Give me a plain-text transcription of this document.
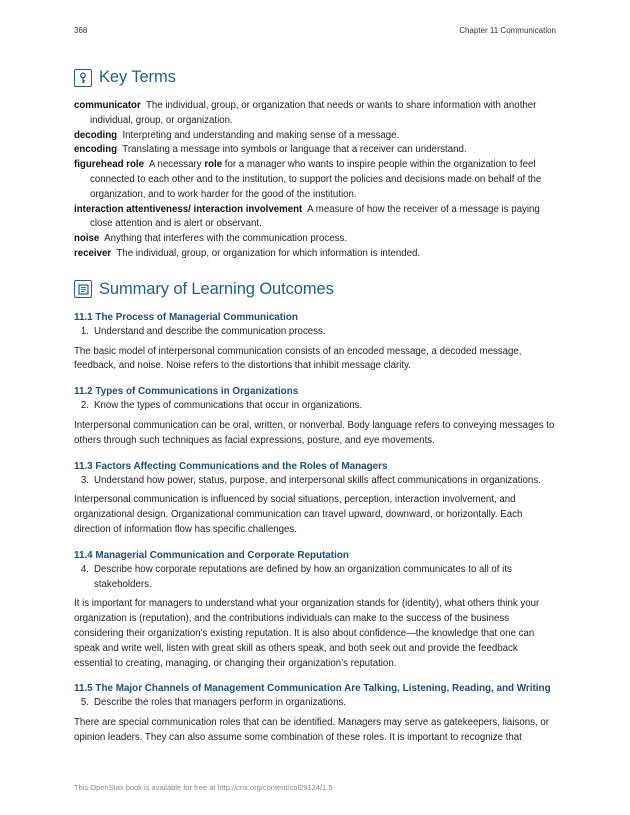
368	Chapter 11 Communication
Key Terms

communicator The individual, group, or organization that needs or wants to share information with another individual, group, or organization.

decoding Interpreting and understanding and making sense of a message.

encoding Translating a message into symbols or language that a receiver can understand.

figurehead role A necessary role for a manager who wants to inspire people within the organization to feel connected to each other and to the institution, to support the policies and decisions made on behalf of the organization, and to work harder for the good of the institution.

interaction attentiveness/ interaction involvement A measure of how the receiver of a message is paying close attention and is alert or observant.

noise Anything that interferes with the communication process.

receiver The individual, group, or organization for which information is intended.

Summary of Learning Outcomes

11.1 The Process of Managerial Communication

1. Understand and describe the communication process.

The basic model of interpersonal communication consists of an encoded message, a decoded message, feedback, and noise. Noise refers to the distortions that inhibit message clarity.

11.2 Types of Communications in Organizations

2. Know the types of communications that occur in organizations.

Interpersonal communication can be oral, written, or nonverbal. Body language refers to conveying messages to others through such techniques as facial expressions, posture, and eye movements.

11.3 Factors Affecting Communications and the Roles of Managers

3. Understand how power, status, purpose, and interpersonal skills affect communications in organizations.

Interpersonal communication is influenced by social situations, perception, interaction involvement, and organizational design. Organizational communication can travel upward, downward, or horizontally. Each direction of information flow has specific challenges.

11.4 Managerial Communication and Corporate Reputation

4. Describe how corporate reputations are defined by how an organization communicates to all of its stakeholders.

It is important for managers to understand what your organization stands for (identity), what others think your organization is (reputation), and the contributions individuals can make to the success of the business considering their organization’s existing reputation. It is also about confidence—the knowledge that one can speak and write well, listen with great skill as others speak, and both seek out and provide the feedback essential to creating, managing, or changing their organization’s reputation.

11.5 The Major Channels of Management Communication Are Talking, Listening, Reading, and Writing

5. Describe the roles that managers perform in organizations.

There are special communication roles that can be identified. Managers may serve as gatekeepers, liaisons, or opinion leaders. They can also assume some combination of these roles. It is important to recognize that

This OpenStax book is available for free at http://cnx.org/content/col29124/1.5
